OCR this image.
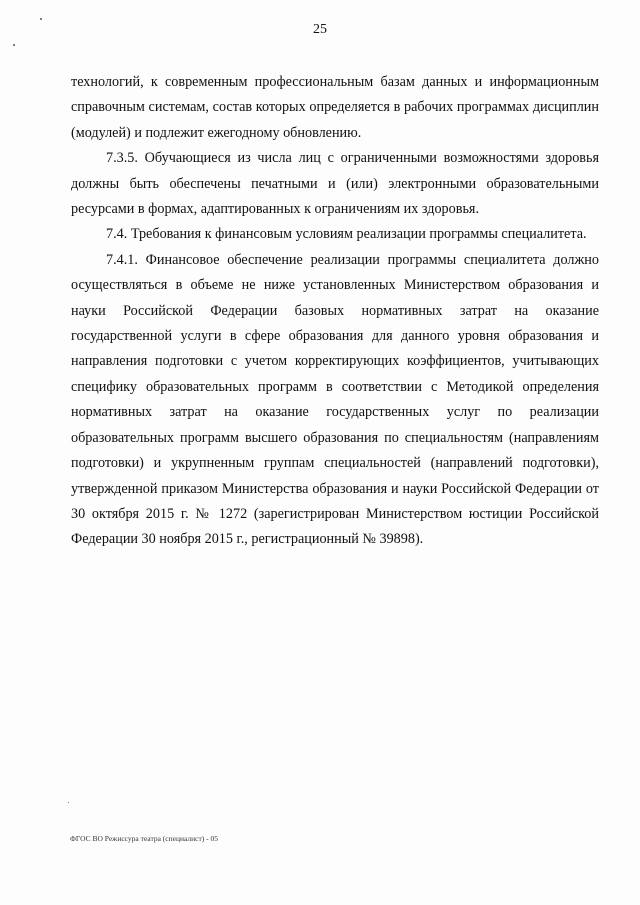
25

технологий, к современным профессиональным базам данных и информационным справочным системам, состав которых определяется в рабочих программах дисциплин (модулей) и подлежит ежегодному обновлению.

7.3.5. Обучающиеся из числа лиц с ограниченными возможностями здоровья должны быть обеспечены печатными и (или) электронными образовательными ресурсами в формах, адаптированных к ограничениям их здоровья.

7.4. Требования к финансовым условиям реализации программы специалитета.

7.4.1. Финансовое обеспечение реализации программы специалитета должно осуществляться в объеме не ниже установленных Министерством образования и науки Российской Федерации базовых нормативных затрат на оказание государственной услуги в сфере образования для данного уровня образования и направления подготовки с учетом корректирующих коэффициентов, учитывающих специфику образовательных программ в соответствии с Методикой определения нормативных затрат на оказание государственных услуг по реализации образовательных программ высшего образования по специальностям (направлениям подготовки) и укрупненным группам специальностей (направлений подготовки), утвержденной приказом Министерства образования и науки Российской Федерации от 30 октября 2015 г. № 1272 (зарегистрирован Министерством юстиции Российской Федерации 30 ноября 2015 г., регистрационный № 39898).

ФГОС ВО Режиссура театра (специалист) - 05
